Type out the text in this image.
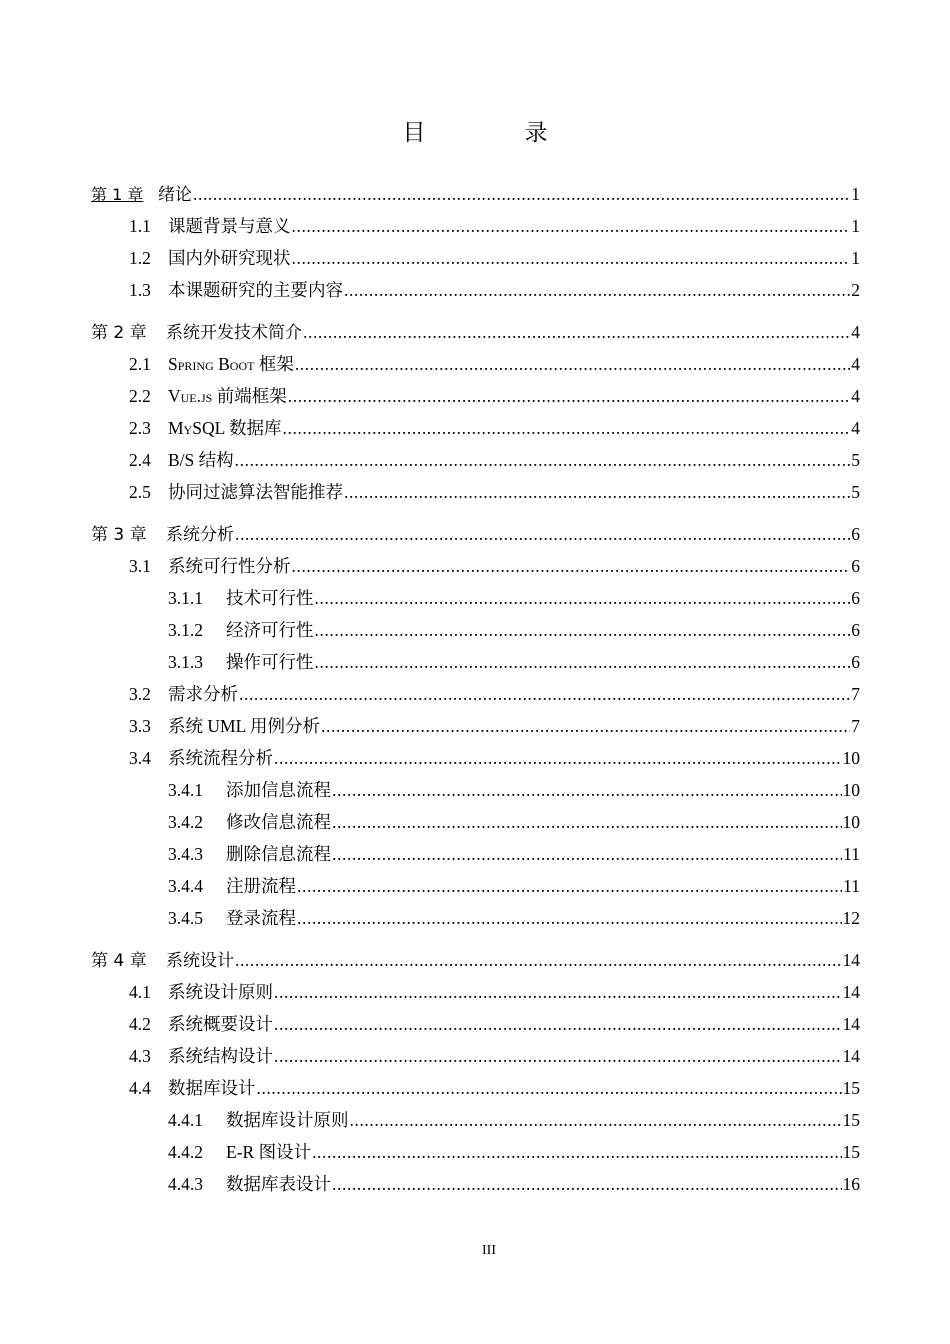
目　录
第 1 章 绪论 .....	1
1.1 课题背景与意义 .....	1
1.2 国内外研究现状 .....	1
1.3 本课题研究的主要内容 .....	2
第 2 章	系统开发技术简介 .....	4
2.1 Spring Boot 框架 .....	4
2.2 Vue.js 前端框架 .....	4
2.3 MySQL 数据库 .....	4
2.4 B/S 结构 .....	5
2.5 协同过滤算法智能推荐 .....	5
第 3 章	系统分析 .....	6
3.1 系统可行性分析 .....	6
3.1.1	技术可行性 .....	6
3.1.2	经济可行性 .....	6
3.1.3	操作可行性 .....	6
3.2 需求分析 .....	7
3.3 系统 UML 用例分析 .....	7
3.4 系统流程分析 .....	10
3.4.1	添加信息流程 .....	10
3.4.2	修改信息流程 .....	10
3.4.3	删除信息流程 .....	11
3.4.4	注册流程 .....	11
3.4.5	登录流程 .....	12
第 4 章	系统设计 .....	14
4.1 系统设计原则 .....	14
4.2 系统概要设计 .....	14
4.3 系统结构设计 .....	14
4.4 数据库设计 .....	15
4.4.1	数据库设计原则 .....	15
4.4.2	E-R 图设计 .....	15
4.4.3	数据库表设计 .....	16
III
